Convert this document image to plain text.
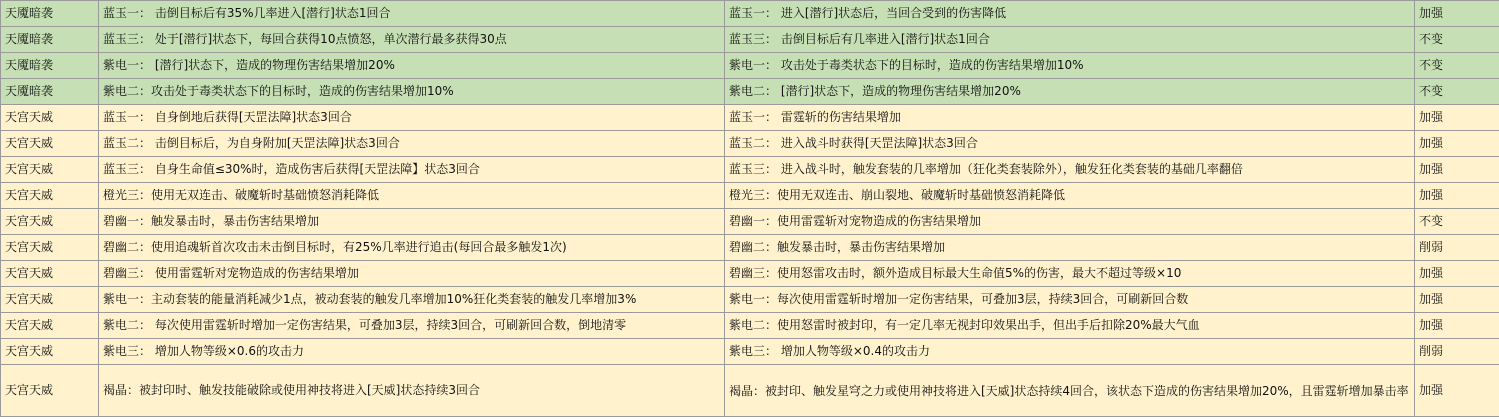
天魇暗袭	蓝玉一： 击倒目标后有35%几率进入[潜行]状态1回合	蓝玉一： 进入[潜行]状态后，当回合受到的伤害降低	加强
天魇暗袭	蓝玉三： 处于[潜行]状态下，每回合获得10点愤怒，单次潜行最多获得30点	蓝玉三： 击倒目标后有几率进入[潜行]状态1回合	不变
天魇暗袭	紫电一： [潜行]状态下，造成的物理伤害结果增加20%	紫电一： 攻击处于毒类状态下的目标时，造成的伤害结果增加10%	不变
天魇暗袭	紫电二：攻击处于毒类状态下的目标时，造成的伤害结果增加10%	紫电二： [潜行]状态下，造成的物理伤害结果增加20%	不变
天宫天威	蓝玉一： 自身倒地后获得[天罡法障]状态3回合	蓝玉一： 雷霆斩的伤害结果增加	加强
天宫天威	蓝玉二： 击倒目标后，为自身附加[天罡法障]状态3回合	蓝玉二： 进入战斗时获得[天罡法障]状态3回合	加强
天宫天威	蓝玉三： 自身生命值≤30%时，造成伤害后获得[天罡法障】状态3回合	蓝玉三： 进入战斗时，触发套装的几率增加（狂化类套装除外），触发狂化类套装的基础几率翻倍	加强
天宫天威	橙光三：使用无双连击、破魔斩时基础愤怒消耗降低	橙光三：使用无双连击、崩山裂地、破魔斩时基础愤怒消耗降低	加强
天宫天威	碧幽一：触发暴击时，暴击伤害结果增加	碧幽一：使用雷霆斩对宠物造成的伤害结果增加	不变
天宫天威	碧幽二：使用追魂斩首次攻击未击倒目标时，有25%几率进行追击(每回合最多触发1次)	碧幽二：触发暴击时，暴击伤害结果增加	削弱
天宫天威	碧幽三： 使用雷霆斩对宠物造成的伤害结果增加	碧幽三：使用怒雷攻击时，额外造成目标最大生命值5%的伤害，最大不超过等级×10	加强
天宫天威	紫电一：主动套装的能量消耗减少1点，被动套装的触发几率增加10%狂化类套装的触发几率增加3%	紫电一：每次使用雷霆斩时增加一定伤害结果，可叠加3层，持续3回合，可刷新回合数	加强
天宫天威	紫电二： 每次使用雷霆斩时增加一定伤害结果，可叠加3层，持续3回合，可刷新回合数，倒地清零	紫电二：使用怒雷时被封印，有一定几率无视封印效果出手，但出手后扣除20%最大气血	加强
天宫天威	紫电三： 增加人物等级×0.6的攻击力	紫电三： 增加人物等级×0.4的攻击力	削弱
天宫天威	褐晶：被封印时、触发技能破除或使用神技将进入[天威]状态持续3回合	褐晶：被封印、触发星穹之力或使用神技将进入[天威]状态持续4回合，该状态下造成的伤害结果增加20%，且雷霆斩增加暴击率	加强
